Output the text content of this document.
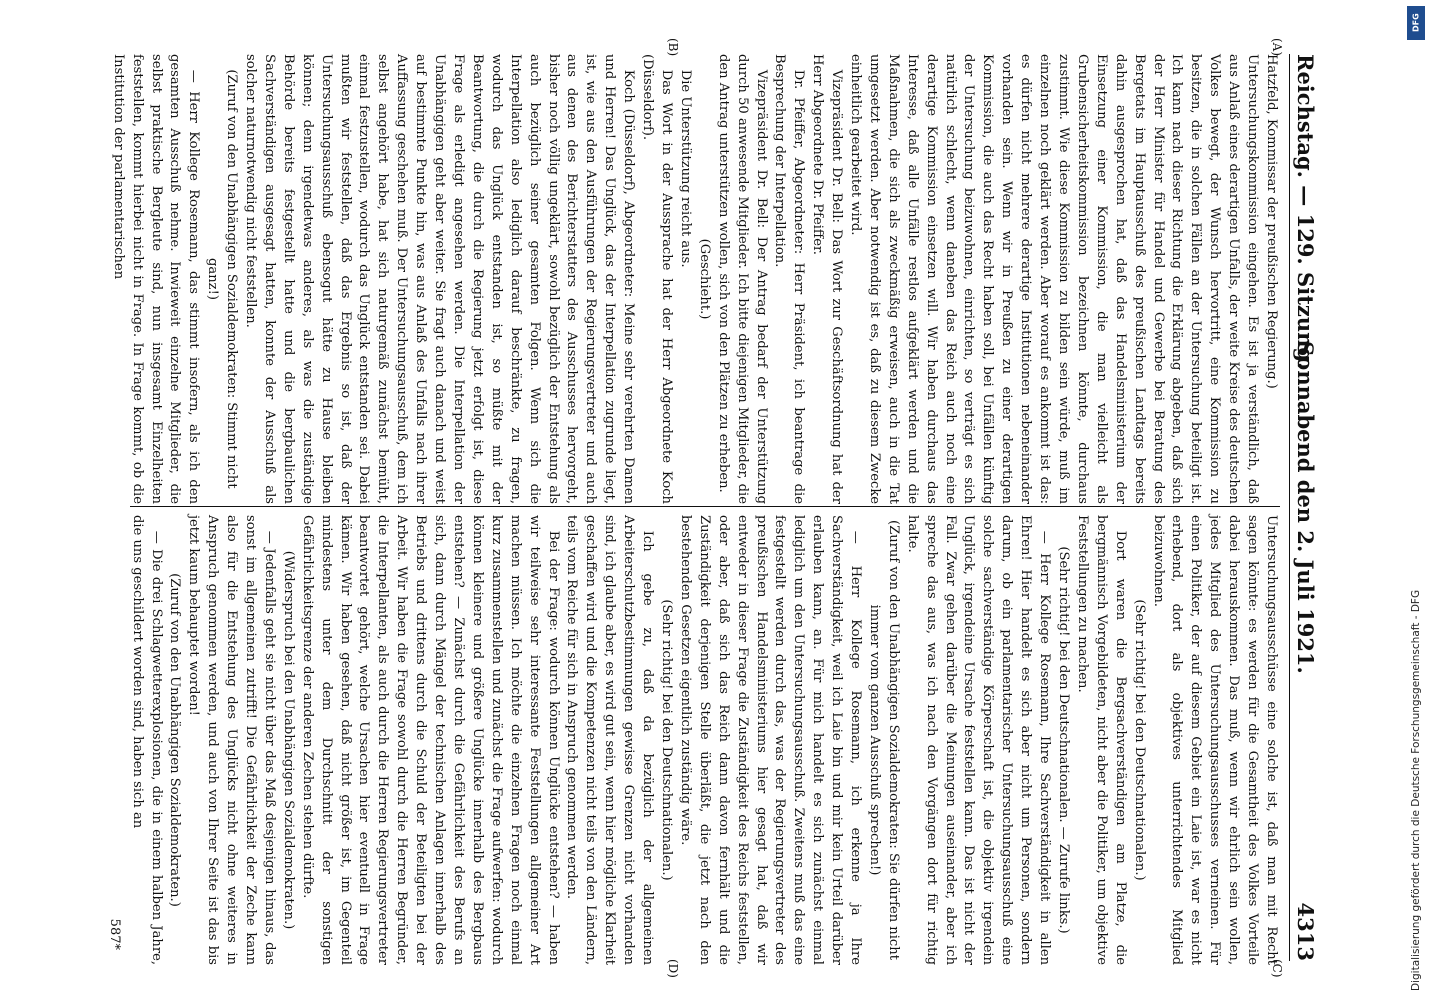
Reichstag. — 129. Sitzung.
Sonnabend den 2. Juli 1921.
4313
(A)
(B)
(C)
(D)

Hatzfeld, Kommissar der preußischen Regierung.)

Untersuchungskommission eingehen. Es ist ja verständlich, daß aus Anlaß eines derartigen Unfalls, der weite Kreise des deutschen Volkes bewegt, der Wunsch hervortritt, eine Kommission zu besitzen, die in solchen Fällen an der Untersuchung beteiligt ist. Ich kann nach dieser Richtung die Erklärung abgeben, daß sich der Herr Minister für Handel und Gewerbe bei Beratung des Bergetats im Hauptausschuß des preußischen Landtags bereits dahin ausgesprochen hat, daß das Handelsministerium der Einsetzung einer Kommission, die man vielleicht als Grubensicherheitskommission bezeichnen könnte, durchaus zustimmt. Wie diese Kommission zu bilden sein würde, muß im einzelnen noch geklärt werden. Aber worauf es ankommt ist das: es dürfen nicht mehrere derartige Institutionen nebeneinander vorhanden sein. Wenn wir in Preußen zu einer derartigen Kommission, die auch das Recht haben soll, bei Unfällen künftig der Untersuchung beizuwohnen, einrichten, so verträgt es sich natürlich schlecht, wenn daneben das Reich auch noch eine derartige Kommission einsetzen will. Wir haben durchaus das Interesse, daß alle Unfälle restlos aufgeklärt werden und die Maßnahmen, die sich als zweckmäßig erweisen, auch in die Tat umgesetzt werden. Aber notwendig ist es, daß zu diesem Zwecke einheitlich gearbeitet wird.

Vizepräsident Dr. Bell: Das Wort zur Geschäftsordnung hat der Herr Abgeordnete Dr. Pfeiffer.

Dr. Pfeiffer, Abgeordneter: Herr Präsident, ich beantrage die Besprechung der Interpellation.

Vizepräsident Dr. Bell: Der Antrag bedarf der Unterstützung durch 50 anwesende Mitglieder. Ich bitte diejenigen Mitglieder, die den Antrag unterstützen wollen, sich von den Plätzen zu erheben.

(Geschieht.)

Die Unterstützung reicht aus.

Das Wort in der Aussprache hat der Herr Abgeordnete Koch (Düsseldorf).

Koch (Düsseldorf), Abgeordneter: Meine sehr verehrten Damen und Herren! Das Unglück, das der Interpellation zugrunde liegt, ist, wie aus den Ausführungen der Regierungsvertreter und auch aus denen des Berichterstatters des Ausschusses hervorgeht, bisher noch völlig ungeklärt, sowohl bezüglich der Entstehung als auch bezüglich seiner gesamten Folgen. Wenn sich die Interpellation also lediglich darauf beschränkte, zu fragen, wodurch das Unglück entstanden ist, so müßte mit der Beantwortung, die durch die Regierung jetzt erfolgt ist, diese Frage als erledigt angesehen werden. Die Interpellation der Unabhängigen geht aber weiter. Sie fragt auch danach und weist auf bestimmte Punkte hin, was aus Anlaß des Unfalls nach ihrer Auffassung geschehen muß. Der Untersuchungsausschuß, dem ich selbst angehört habe, hat sich naturgemäß zunächst bemüht, einmal festzustellen, wodurch das Unglück entstanden sei. Dabei mußten wir feststellen, daß das Ergebnis so ist, daß der Untersuchungsausschuß ebensogut hätte zu Hause bleiben können; denn irgendetwas anderes, als was die zuständige Behörde bereits festgestellt hatte und die bergbaulichen Sachverständigen ausgesagt hatten, konnte der Ausschuß als solcher naturnotwendig nicht feststellen.

(Zuruf von den Unabhängigen Sozialdemokraten: Stimmt nicht ganz!)

— Herr Kollege Rosemann, das stimmt insofern, als ich den gesamten Ausschuß nehme. Inwieweit einzelne Mitglieder, die selbst praktische Bergleute sind, nun insgesamt Einzelheiten feststellen, kommt hierbei nicht in Frage. In Frage kommt, ob die Institution der parlamentarischen

Untersuchungsausschüsse eine solche ist, daß man mit Recht sagen könnte: es werden für die Gesamtheit des Volkes Vorteile dabei herauskommen. Das muß, wenn wir ehrlich sein wollen, jedes Mitglied des Untersuchungsausschusses verneinen. Für einen Politiker, der auf diesem Gebiet ein Laie ist, war es nicht erhebend, dort als objektives unterrichtendes Mitglied beizuwohnen.

(Sehr richtig! bei den Deutschnationalen.)

Dort waren die Bergsachverständigen am Platze, die bergmännisch Vorgebildeten, nicht aber die Politiker, um objektive Feststellungen zu machen.

(Sehr richtig! bei den Deutschnationalen. — Zurufe links.)

— Herr Kollege Rosemann, Ihre Sachverständigkeit in allen Ehren! Hier handelt es sich aber nicht um Personen, sondern darum, ob ein parlamentarischer Untersuchungsausschuß eine solche sachverständige Körperschaft ist, die objektiv irgendein Unglück, irgendeine Ursache feststellen kann. Das ist nicht der Fall. Zwar gehen darüber die Meinungen auseinander, aber ich spreche das aus, was ich nach den Vorgängen dort für richtig halte.

(Zuruf von den Unabhängigen Sozialdemokraten: Sie dürfen nicht immer vom ganzen Ausschuß sprechen!)

— Herr Kollege Rosemann, ich erkenne ja Ihre Sachverständigkeit, weil ich Laie bin und mir kein Urteil darüber erlauben kann, an. Für mich handelt es sich zunächst einmal lediglich um den Untersuchungsausschuß. Zweitens muß das eine festgestellt werden durch das, was der Regierungsvertreter des preußischen Handelsministeriums hier gesagt hat, daß wir entweder in dieser Frage die Zuständigkeit des Reichs feststellen, oder aber, daß sich das Reich dann davon fernhält und die Zuständigkeit derjenigen Stelle überläßt, die jetzt nach den bestehenden Gesetzen eigentlich zuständig wäre.

(Sehr richtig! bei den Deutschnationalen.)

Ich gebe zu, daß da bezüglich der allgemeinen Arbeiterschutzbestimmungen gewisse Grenzen nicht vorhanden sind, ich glaube aber, es wird gut sein, wenn hier mögliche Klarheit geschaffen wird und die Kompetenzen nicht teils von den Ländern, teils vom Reiche für sich in Anspruch genommen werden.

Bei der Frage: wodurch können Unglücke entstehen? — haben wir teilweise sehr interessante Feststellungen allgemeiner Art machen müssen. Ich möchte die einzelnen Fragen noch einmal kurz zusammenstellen und zunächst die Frage aufwerfen: wodurch können kleinere und größere Unglücke innerhalb des Bergbaus entstehen? — Zunächst durch die Gefährlichkeit des Berufs an sich, dann durch Mängel der technischen Anlagen innerhalb des Betriebs und drittens durch die Schuld der Beteiligten bei der Arbeit. Wir haben die Frage sowohl durch die Herren Begründer, die Interpellanten, als auch durch die Herren Regierungsvertreter beantwortet gehört, welche Ursachen hier eventuell in Frage kämen. Wir haben gesehen, daß nicht größer ist, im Gegenteil mindestens unter dem Durchschnitt der sonstigen Gefährlichkeitsgrenze der anderen Zechen stehen dürfte.

(Widerspruch bei den Unabhängigen Sozialdemokraten.)

— Jedenfalls geht sie nicht über das Maß desjenigen hinaus, das sonst im allgemeinen zutrifft! Die Gefährlichkeit der Zeche kann also für die Entstehung des Unglücks nicht ohne weiteres in Anspruch genommen werden, und auch von Ihrer Seite ist das bis jetzt kaum behauptet worden!

(Zuruf von den Unabhängigen Sozialdemokraten.)

— Die drei Schlagwetterexplosionen, die in einem halben Jahre, die uns geschildert worden sind, haben sich an

587*
DFG
Digitalisierung gefördert durch die Deutsche Forschungsgemeinschaft - DFG
